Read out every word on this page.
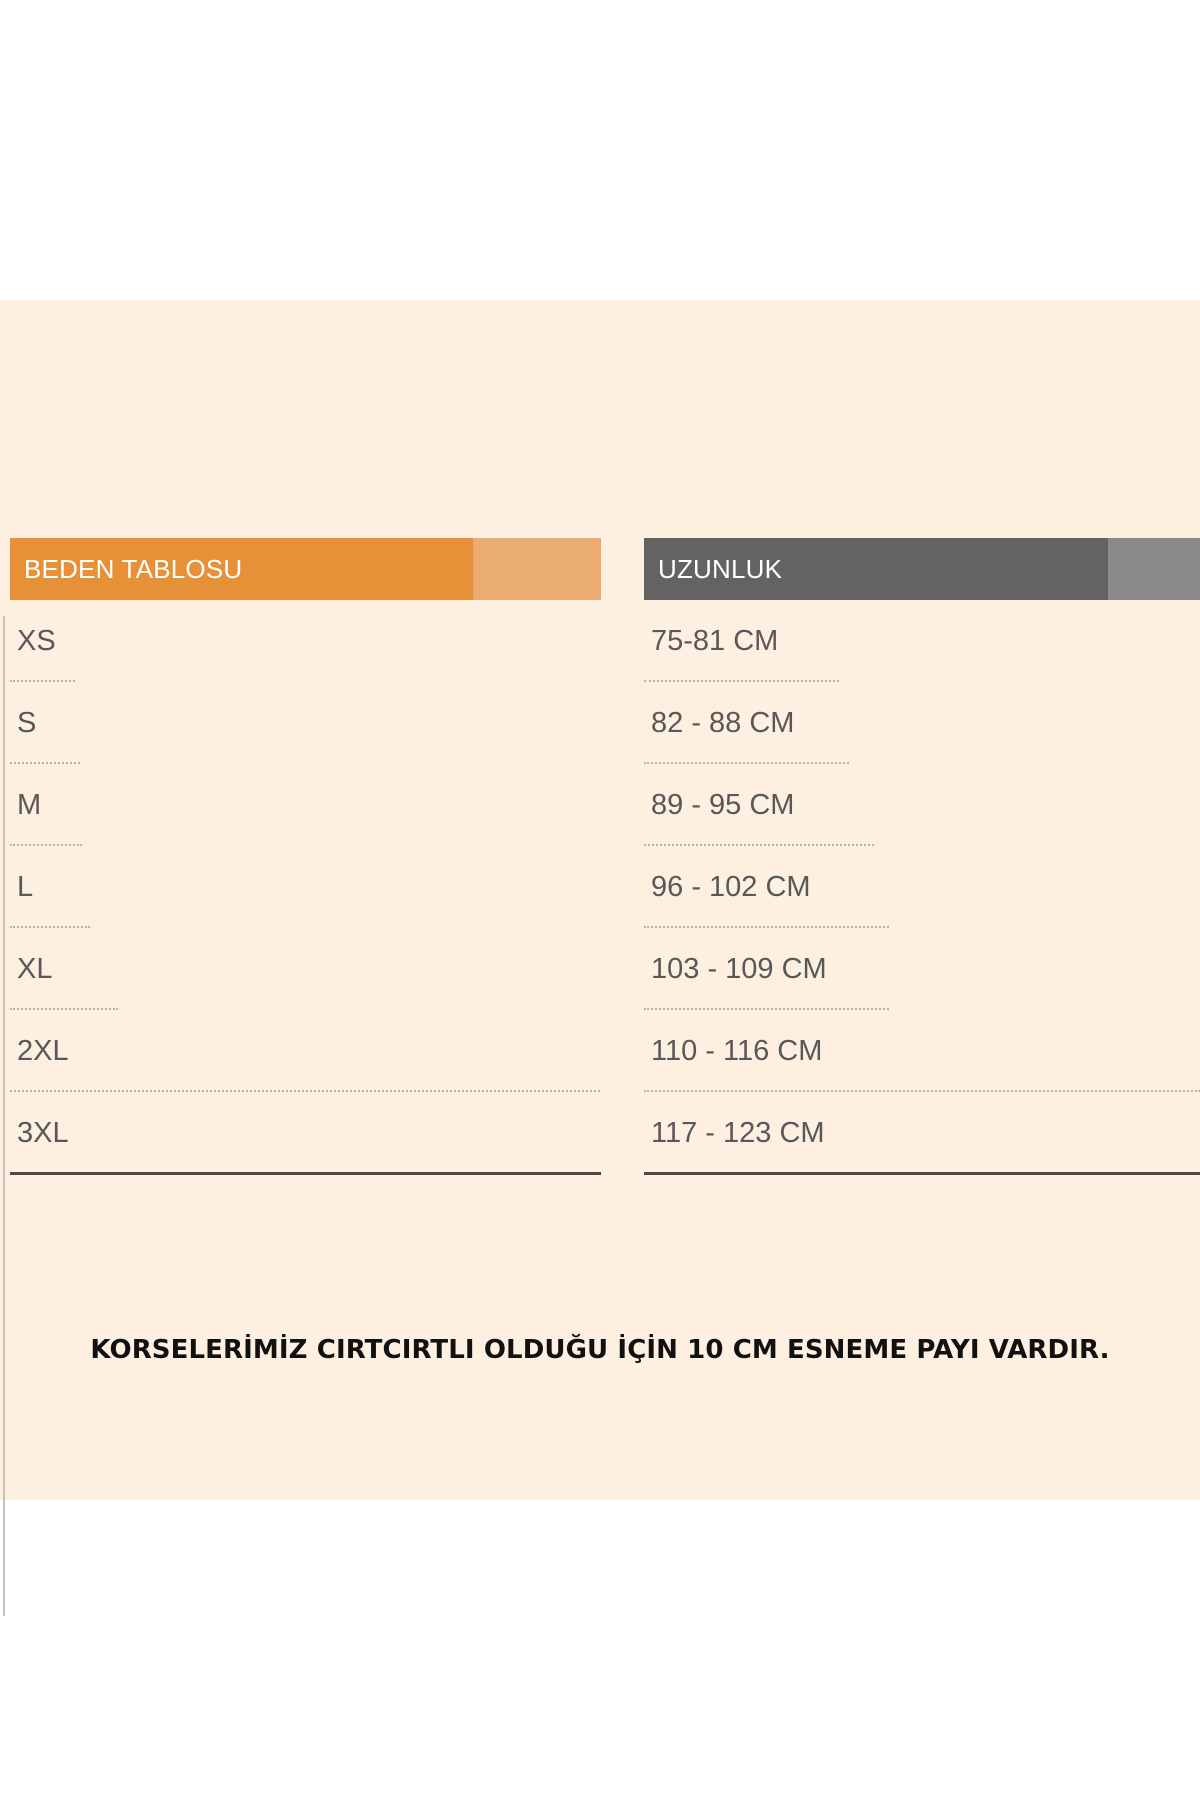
BEDEN TABLOSU
XS
S
M
L
XL
2XL
3XL
UZUNLUK
75-81 CM
82 - 88 CM
89 - 95 CM
96 - 102 CM
103 - 109 CM
110 - 116 CM
117 - 123 CM
KORSELERİMİZ CIRTCIRTLI OLDUĞU İÇİN 10 CM ESNEME PAYI VARDIR.
